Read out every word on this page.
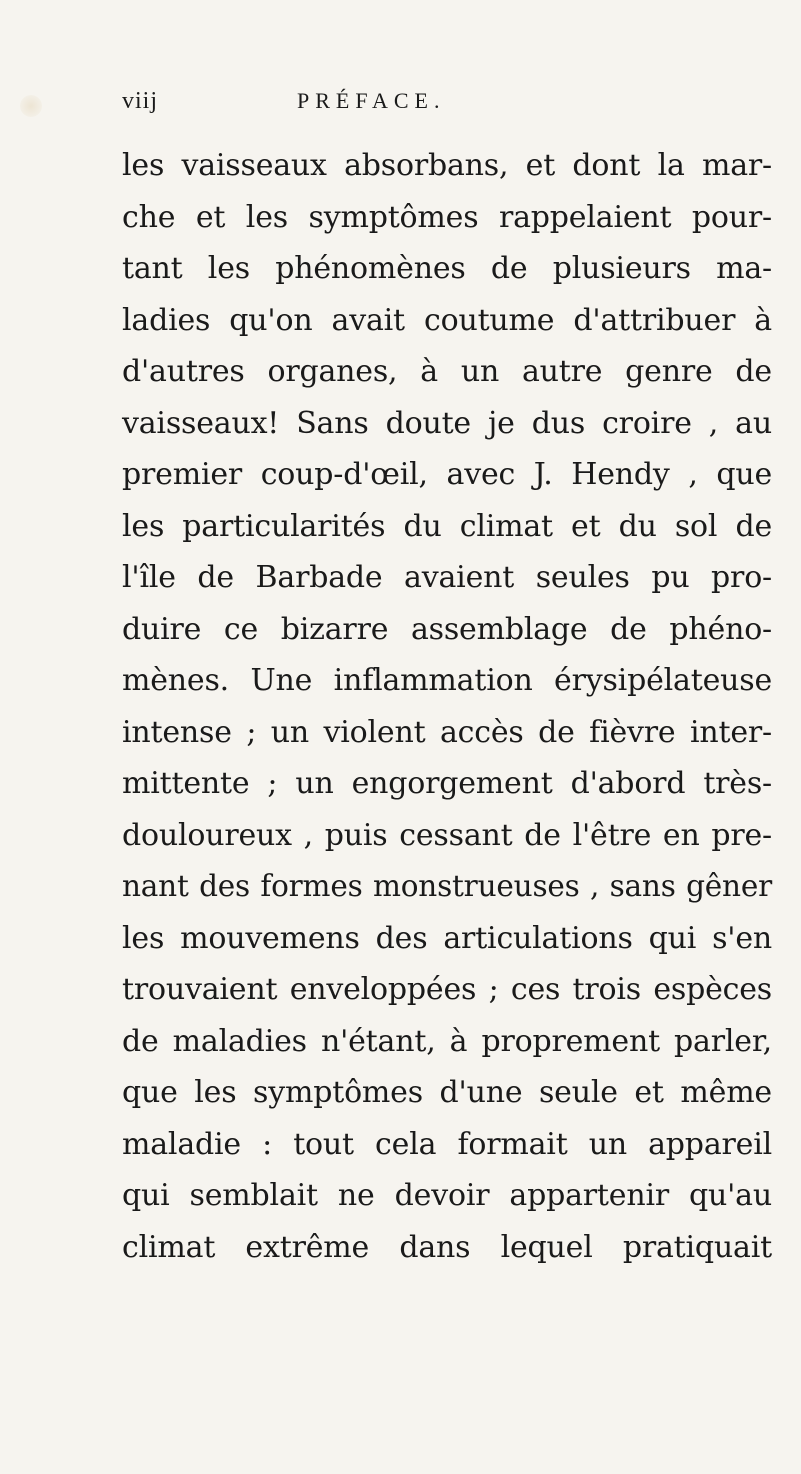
viij	PRÉFACE.
les vaisseaux absorbans, et dont la mar-
che et les symptômes rappelaient pour-
tant les phénomènes de plusieurs ma-
ladies qu'on avait coutume d'attribuer à
d'autres organes, à un autre genre de
vaisseaux! Sans doute je dus croire , au
premier coup-d'œil, avec J. Hendy , que
les particularités du climat et du sol de
l'île de Barbade avaient seules pu pro-
duire ce bizarre assemblage de phéno-
mènes. Une inflammation érysipélateuse
intense ; un violent accès de fièvre inter-
mittente ; un engorgement d'abord très-
douloureux , puis cessant de l'être en pre-
nant des formes monstrueuses , sans gêner
les mouvemens des articulations qui s'en
trouvaient enveloppées ; ces trois espèces
de maladies n'étant, à proprement parler,
que les symptômes d'une seule et même
maladie : tout cela formait un appareil
qui semblait ne devoir appartenir qu'au
climat extrême dans lequel pratiquait
